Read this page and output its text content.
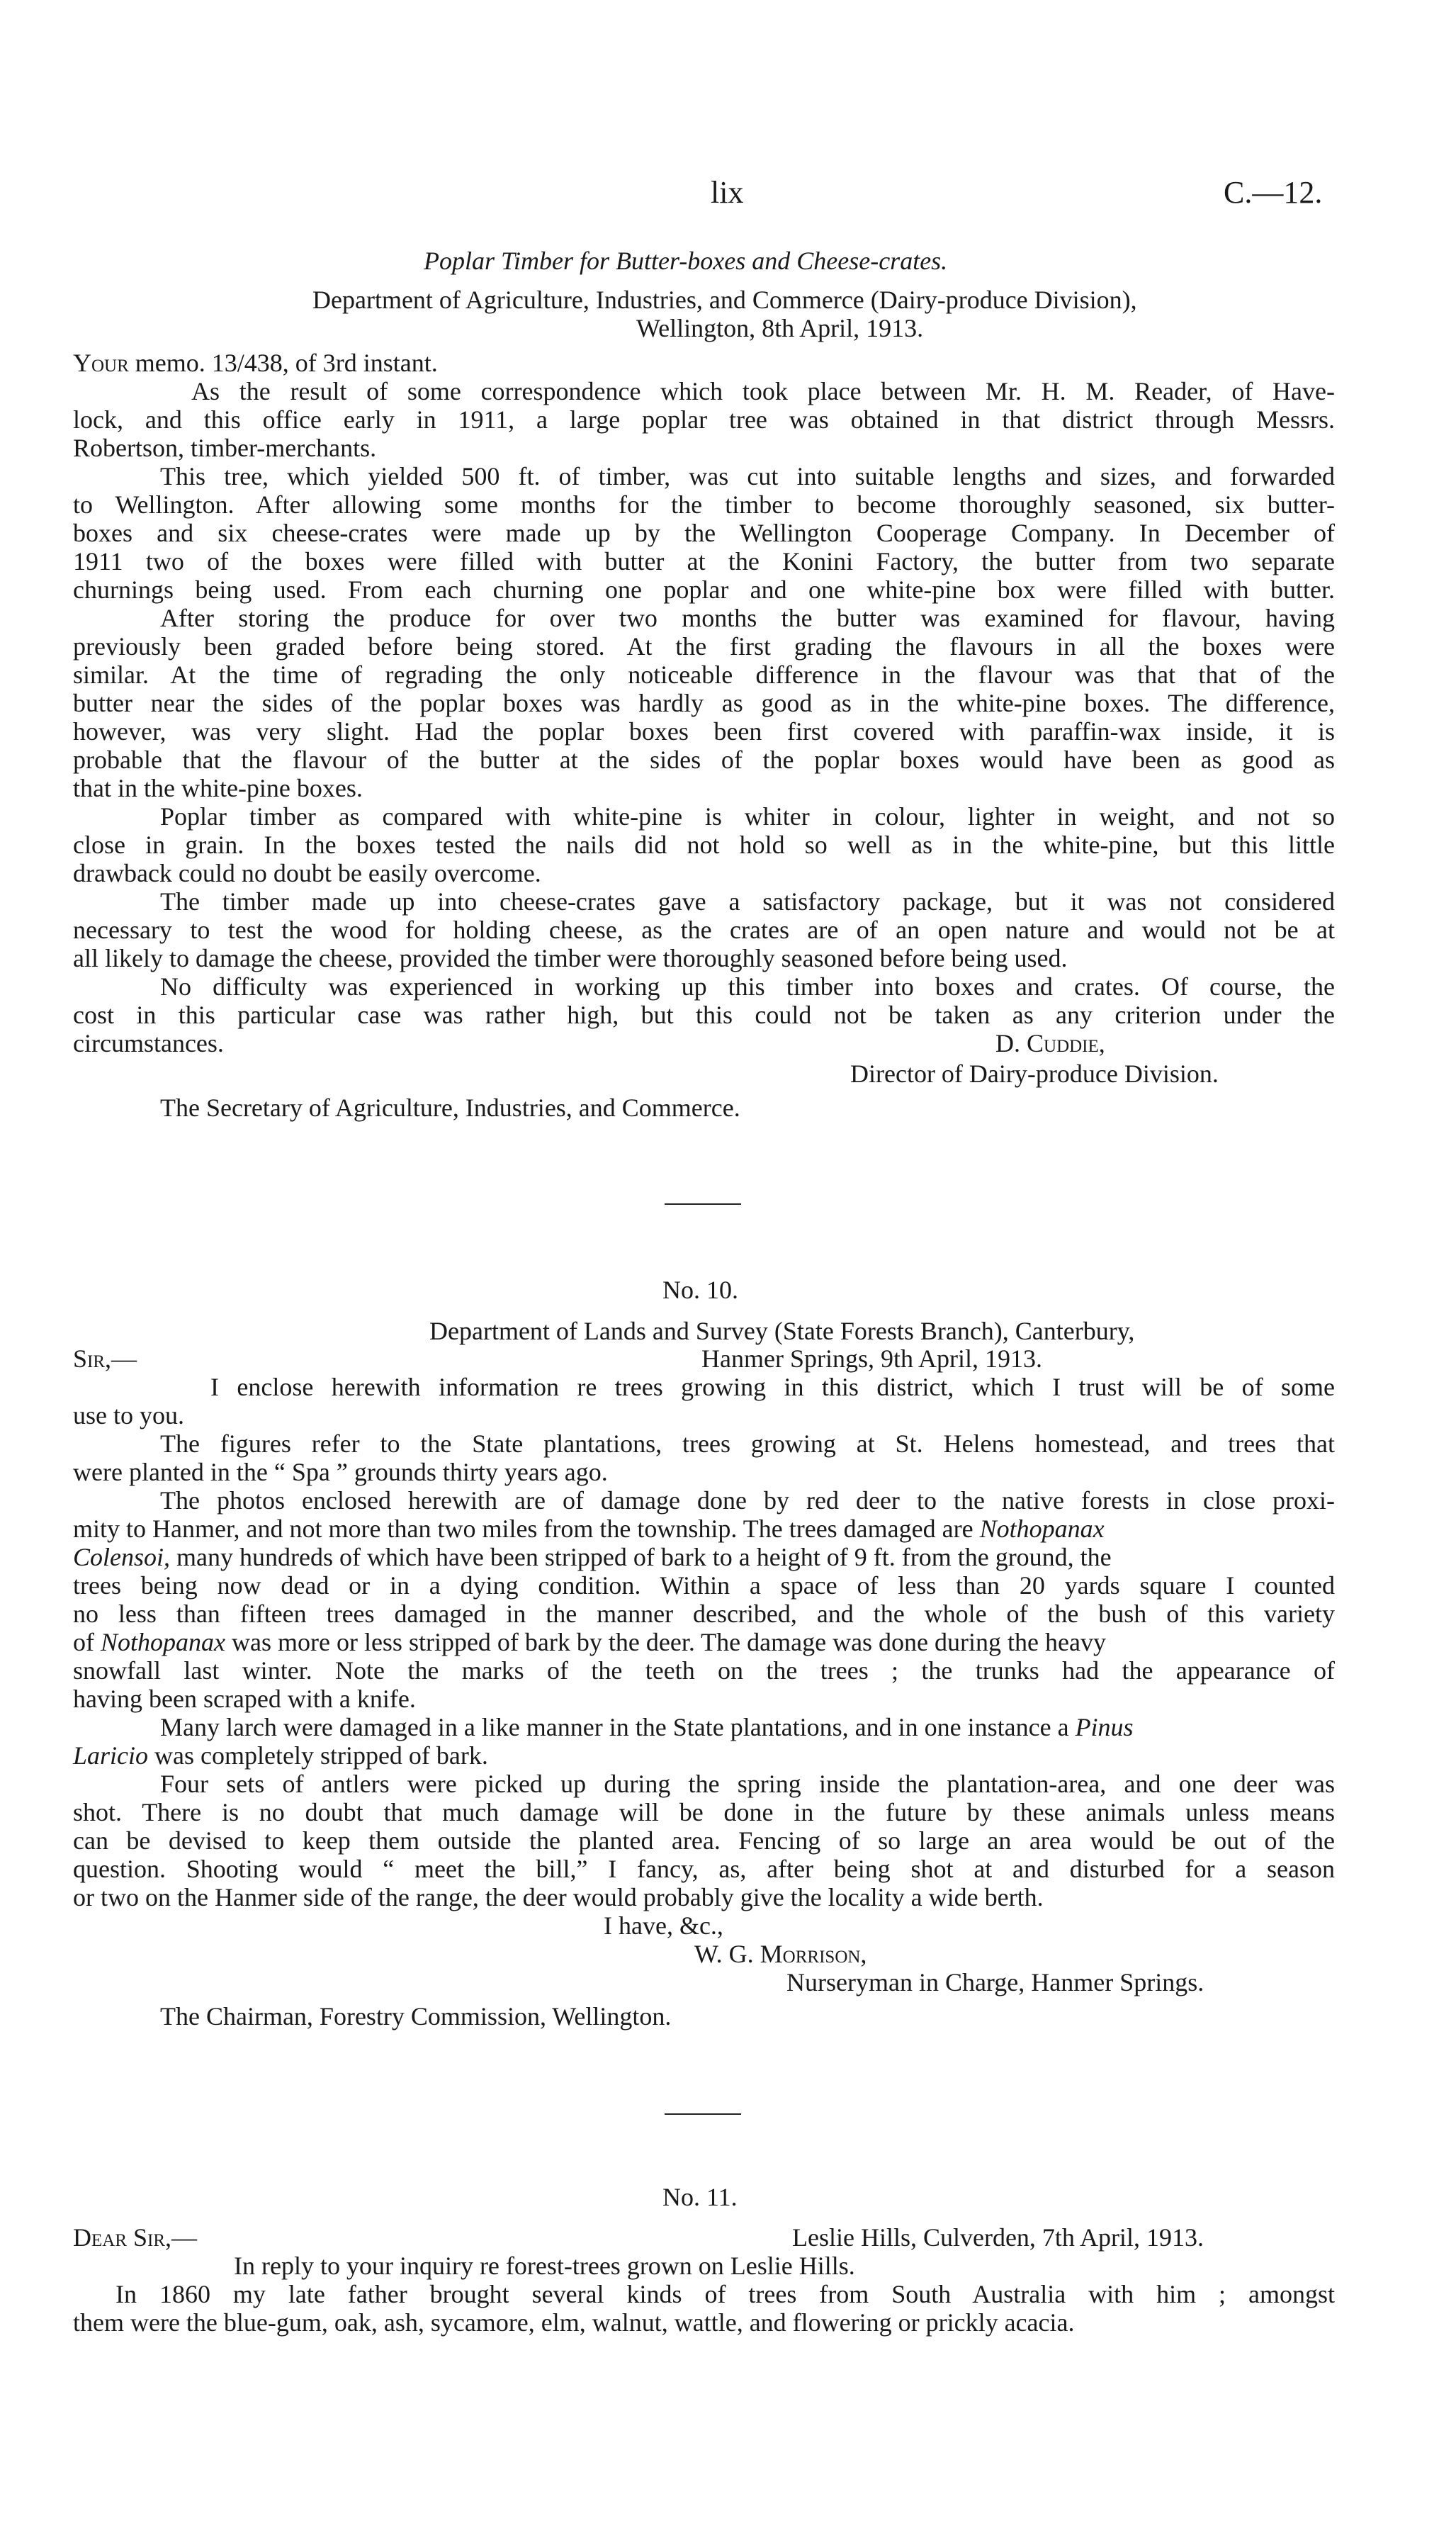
lix	C.—12.
Poplar Timber for Butter-boxes and Cheese-crates.
Department of Agriculture, Industries, and Commerce (Dairy-produce Division),
Wellington, 8th April, 1913.
Your memo. 13/438, of 3rd instant.
As the result of some correspondence which took place between Mr. H. M. Reader, of Have-
lock, and this office early in 1911, a large poplar tree was obtained in that district through Messrs.
Robertson, timber-merchants.
This tree, which yielded 500 ft. of timber, was cut into suitable lengths and sizes, and forwarded
to Wellington. After allowing some months for the timber to become thoroughly seasoned, six butter-
boxes and six cheese-crates were made up by the Wellington Cooperage Company. In December of
1911 two of the boxes were filled with butter at the Konini Factory, the butter from two separate
churnings being used. From each churning one poplar and one white-pine box were filled with butter.
After storing the produce for over two months the butter was examined for flavour, having
previously been graded before being stored. At the first grading the flavours in all the boxes were
similar. At the time of regrading the only noticeable difference in the flavour was that that of the
butter near the sides of the poplar boxes was hardly as good as in the white-pine boxes. The difference,
however, was very slight. Had the poplar boxes been first covered with paraffin-wax inside, it is
probable that the flavour of the butter at the sides of the poplar boxes would have been as good as
that in the white-pine boxes.
Poplar timber as compared with white-pine is whiter in colour, lighter in weight, and not so
close in grain. In the boxes tested the nails did not hold so well as in the white-pine, but this little
drawback could no doubt be easily overcome.
The timber made up into cheese-crates gave a satisfactory package, but it was not considered
necessary to test the wood for holding cheese, as the crates are of an open nature and would not be at
all likely to damage the cheese, provided the timber were thoroughly seasoned before being used.
No difficulty was experienced in working up this timber into boxes and crates. Of course, the
cost in this particular case was rather high, but this could not be taken as any criterion under the
circumstances.	D. Cuddie,
Director of Dairy-produce Division.
The Secretary of Agriculture, Industries, and Commerce.
No. 10.
Department of Lands and Survey (State Forests Branch), Canterbury,
Sir,—	Hanmer Springs, 9th April, 1913.
I enclose herewith information re trees growing in this district, which I trust will be of some
use to you.
The figures refer to the State plantations, trees growing at St. Helens homestead, and trees that
were planted in the “ Spa ” grounds thirty years ago.
The photos enclosed herewith are of damage done by red deer to the native forests in close proxi-
mity to Hanmer, and not more than two miles from the township. The trees damaged are Nothopanax
Colensoi, many hundreds of which have been stripped of bark to a height of 9 ft. from the ground, the
trees being now dead or in a dying condition. Within a space of less than 20 yards square I counted
no less than fifteen trees damaged in the manner described, and the whole of the bush of this variety
of Nothopanax was more or less stripped of bark by the deer. The damage was done during the heavy
snowfall last winter. Note the marks of the teeth on the trees ; the trunks had the appearance of
having been scraped with a knife.
Many larch were damaged in a like manner in the State plantations, and in one instance a Pinus
Laricio was completely stripped of bark.
Four sets of antlers were picked up during the spring inside the plantation-area, and one deer was
shot. There is no doubt that much damage will be done in the future by these animals unless means
can be devised to keep them outside the planted area. Fencing of so large an area would be out of the
question. Shooting would “ meet the bill,” I fancy, as, after being shot at and disturbed for a season
or two on the Hanmer side of the range, the deer would probably give the locality a wide berth.
I have, &c.,
W. G. Morrison,
Nurseryman in Charge, Hanmer Springs.
The Chairman, Forestry Commission, Wellington.
No. 11.
Dear Sir,—	Leslie Hills, Culverden, 7th April, 1913.
In reply to your inquiry re forest-trees grown on Leslie Hills.
In 1860 my late father brought several kinds of trees from South Australia with him ; amongst
them were the blue-gum, oak, ash, sycamore, elm, walnut, wattle, and flowering or prickly acacia.
